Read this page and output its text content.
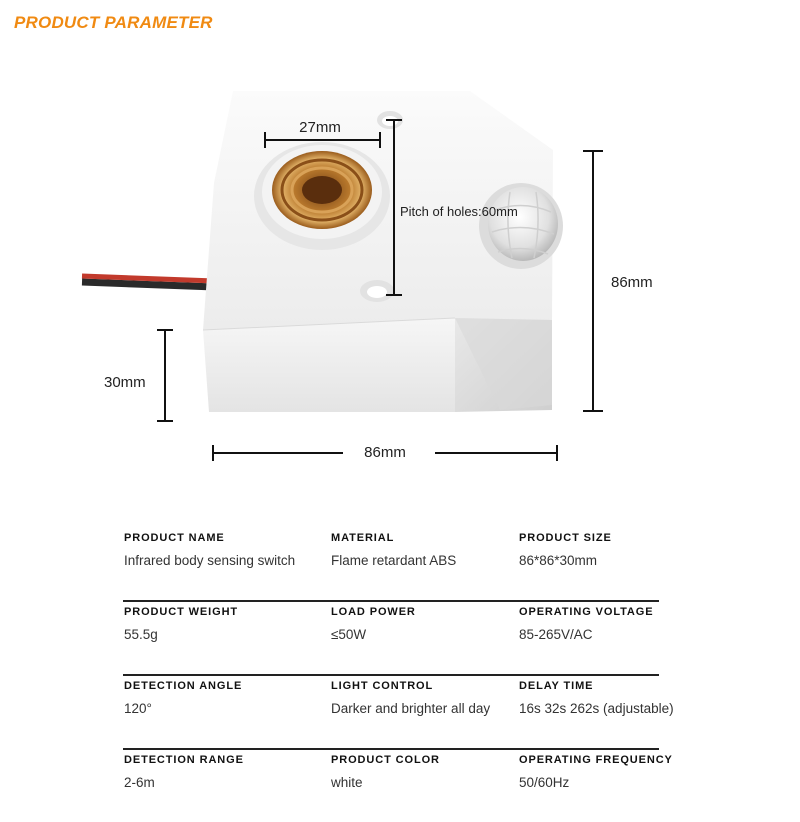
PRODUCT PARAMETER
27mm
Pitch of holes:60mm
86mm
30mm
86mm
PRODUCT NAME
Infrared body sensing switch
MATERIAL
Flame retardant ABS
PRODUCT SIZE
86*86*30mm
PRODUCT WEIGHT
55.5g
LOAD POWER
≤50W
OPERATING VOLTAGE
85-265V/AC
DETECTION ANGLE
120°
LIGHT CONTROL
Darker and brighter all day
DELAY TIME
16s 32s 262s (adjustable)
DETECTION RANGE
2-6m
PRODUCT COLOR
white
OPERATING FREQUENCY
50/60Hz
